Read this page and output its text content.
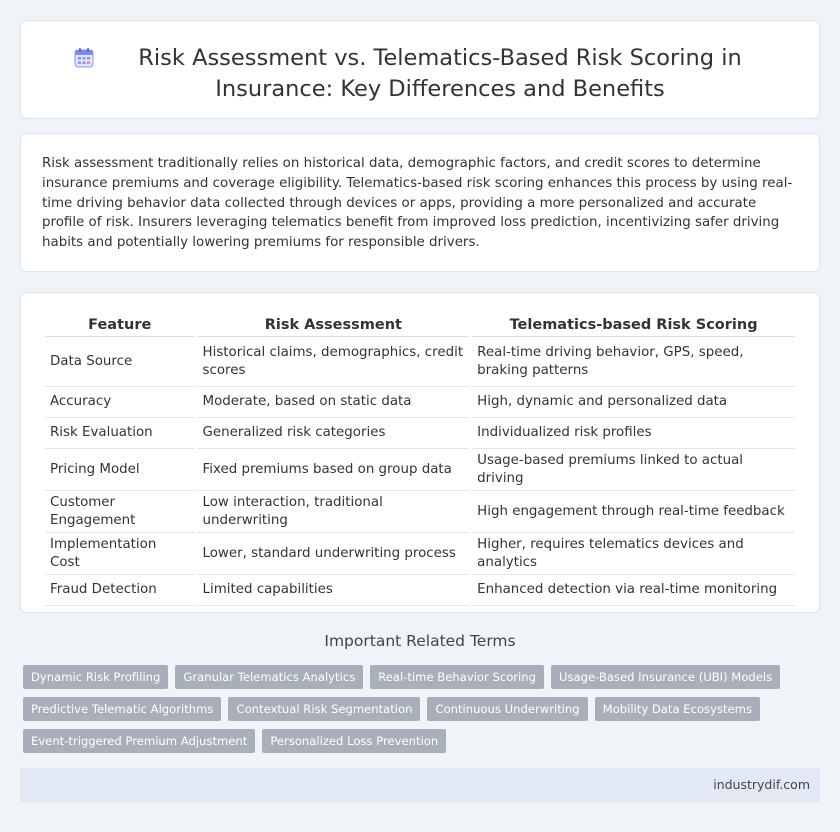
Risk Assessment vs. Telematics-Based Risk Scoring in Insurance: Key Differences and Benefits

Risk assessment traditionally relies on historical data, demographic factors, and credit scores to determine insurance premiums and coverage eligibility. Telematics-based risk scoring enhances this process by using real-time driving behavior data collected through devices or apps, providing a more personalized and accurate profile of risk. Insurers leveraging telematics benefit from improved loss prediction, incentivizing safer driving habits and potentially lowering premiums for responsible drivers.

Feature	Risk Assessment	Telematics-based Risk Scoring
Data Source	Historical claims, demographics, credit scores	Real-time driving behavior, GPS, speed, braking patterns
Accuracy	Moderate, based on static data	High, dynamic and personalized data
Risk Evaluation	Generalized risk categories	Individualized risk profiles
Pricing Model	Fixed premiums based on group data	Usage-based premiums linked to actual driving
Customer Engagement	Low interaction, traditional underwriting	High engagement through real-time feedback
Implementation Cost	Lower, standard underwriting process	Higher, requires telematics devices and analytics
Fraud Detection	Limited capabilities	Enhanced detection via real-time monitoring
Important Related Terms
Dynamic Risk Profiling	Granular Telematics Analytics	Real-time Behavior Scoring	Usage-Based Insurance (UBI) Models
Predictive Telematic Algorithms	Contextual Risk Segmentation	Continuous Underwriting	Mobility Data Ecosystems
Event-triggered Premium Adjustment	Personalized Loss Prevention
industrydif.com
